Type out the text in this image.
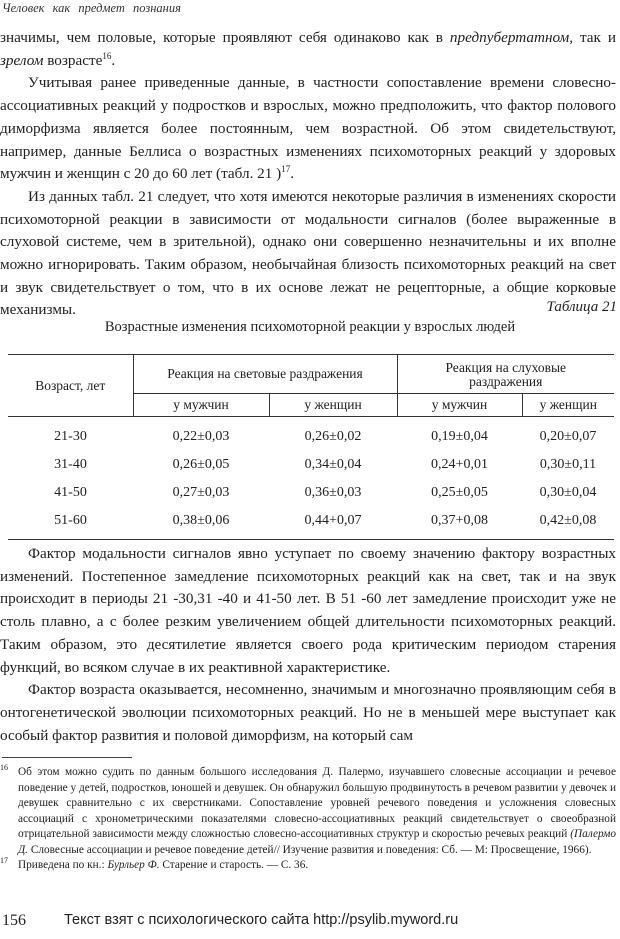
Человек как предмет познания

значимы, чем половые, которые проявляют себя одинаково как в предпубертатном, так и зрелом возрасте$^{16}$.

Учитывая ранее приведенные данные, в частности сопоставление времени словесно-ассоциативных реакций у подростков и взрослых, можно предположить, что фактор полового диморфизма является более постоянным, чем возрастной. Об этом свидетельствуют, например, данные Беллиса о возрастных изменениях психомоторных реакций у здоровых мужчин и женщин с 20 до 60 лет (табл. 21 )$^{17}$.

Из данных табл. 21 следует, что хотя имеются некоторые различия в изменениях скорости психомоторной реакции в зависимости от модальности сигналов (более выраженные в слуховой системе, чем в зрительной), однако они совершенно незначительны и их вполне можно игнорировать. Таким образом, необычайная близость психомоторных реакций на свет и звук свидетельствует о том, что в их основе лежат не рецепторные, а общие корковые механизмы.	Таблица 21
Возрастные изменения психомоторной реакции у взрослых людей
Возраст, лет	Реакция на световые раздражения		Реакция на слуховые
раздражения	
	у мужчин	у женщин	у мужчин	у женщин
21-30	0,22±0,03	0,26±0,02	0,19±0,04	0,20±0,07
31-40	0,26±0,05	0,34±0,04	0,24+0,01	0,30±0,11
41-50	0,27±0,03	0,36±0,03	0,25±0,05	0,30±0,04
51-60	0,38±0,06	0,44+0,07	0,37+0,08	0,42±0,08

Фактор модальности сигналов явно уступает по своему значению фактору возрастных изменений. Постепенное замедление психомоторных реакций как на свет, так и на звук происходит в периоды 21 -30,31 -40 и 41-50 лет. В 51 -60 лет замедление происходит уже не столь плавно, а с более резким увеличением общей длительности психомоторных реакций. Таким образом, это десятилетие является своего рода критическим периодом старения функций, во всяком случае в их реактивной характеристике.

Фактор возраста оказывается, несомненно, значимым и многозначно проявляющим себя в онтогенетической эволюции психомоторных реакций. Но не в меньшей мере выступает как особый фактор развития и половой диморфизм, на который сам

16 Об этом можно судить по данным большого исследования Д. Палермо, изучавшего словесные ассоциации и речевое поведение у детей, подростков, юношей и девушек. Он обнаружил большую продвинутость в речевом развитии у девочек и девушек сравнительно с их сверстниками. Сопоставление уровней речевого поведения и усложнения словесных ассоциаций с хронометрическими показателями словесно-ассоциативных реакций свидетельствует о своеобразной отрицательной зависимости между сложностью словесно-ассоциативных структур и скоростью речевых реакций (Палермо Д. Словесные ассоциации и речевое поведение детей// Изучение развития и поведения: Сб. — М: Просвещение, 1966).

17 Приведена по кн.: Бурльер Ф. Старение и старость. — С. 36.

156	Текст взят с психологического сайта http://psylib.myword.ru
